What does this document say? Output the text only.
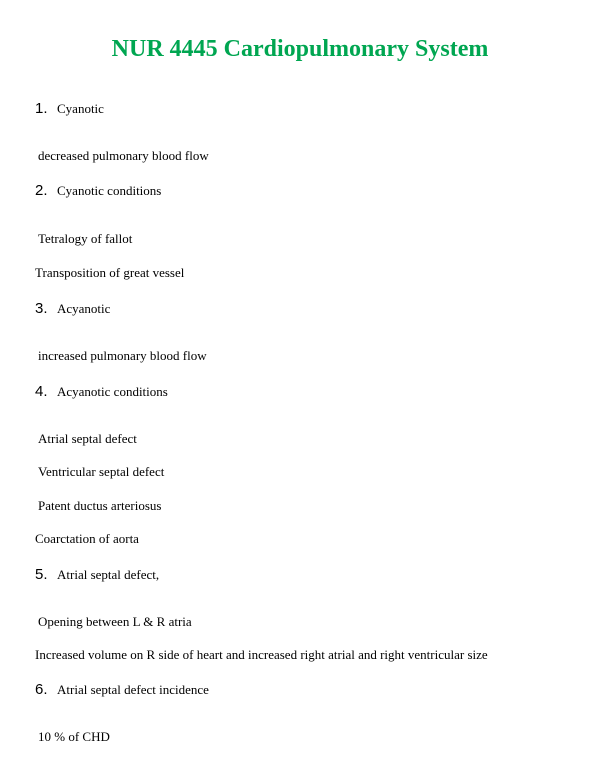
NUR 4445 Cardiopulmonary System
1. Cyanotic
decreased pulmonary blood flow
2. Cyanotic conditions
Tetralogy of fallot
Transposition of great vessel
3. Acyanotic
increased pulmonary blood flow
4. Acyanotic conditions
Atrial septal defect
Ventricular septal defect
Patent ductus arteriosus
Coarctation of aorta
5. Atrial septal defect,
Opening between L & R atria
Increased volume on R side of heart and increased right atrial and right ventricular size
6. Atrial septal defect incidence
10 % of CHD
